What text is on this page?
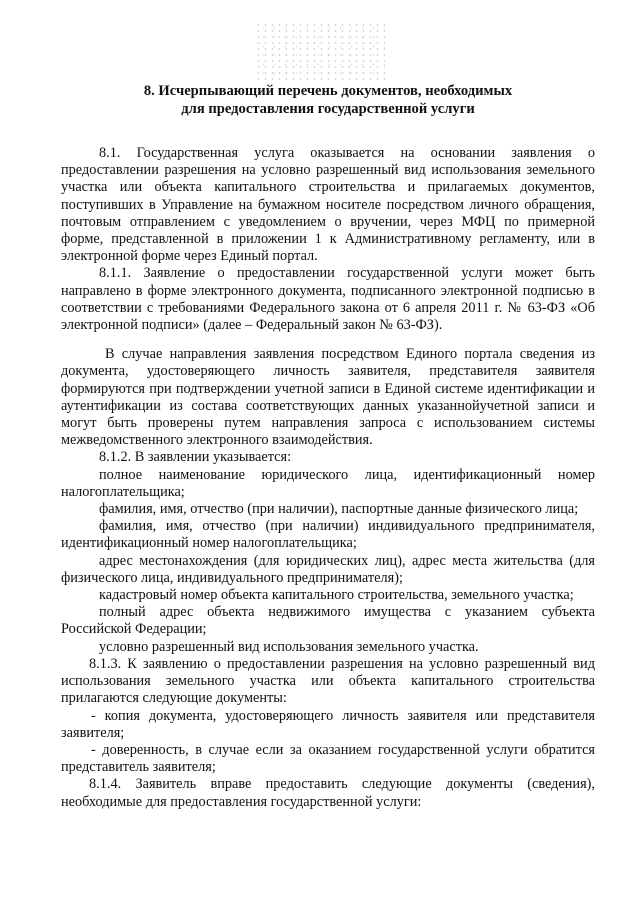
8. Исчерпывающий перечень документов, необходимых
для предоставления государственной услуги

8.1. Государственная услуга оказывается на основании заявления о предоставлении разрешения на условно разрешенный вид использования земельного участка или объекта капитального строительства и прилагаемых документов, поступивших в Управление на бумажном носителе посредством личного обращения, почтовым отправлением с уведомлением о вручении, через МФЦ по примерной форме, представленной в приложении 1 к Административному регламенту, или в электронной форме через Единый портал.

8.1.1. Заявление о предоставлении государственной услуги может быть направлено в форме электронного документа, подписанного электронной подписью в соответствии с требованиями Федерального закона от 6 апреля 2011 г. № 63-ФЗ «Об электронной подписи» (далее – Федеральный закон № 63-ФЗ).

В случае направления заявления посредством Единого портала сведения из документа, удостоверяющего личность заявителя, представителя заявителя формируются при подтверждении учетной записи в Единой системе идентификации и аутентификации из состава соответствующих данных указаннойучетной записи и могут быть проверены путем направления запроса с использованием системы межведомственного электронного взаимодействия.

8.1.2. В заявлении указывается:

полное наименование юридического лица, идентификационный номер налогоплательщика;

фамилия, имя, отчество (при наличии), паспортные данные физического лица;

фамилия, имя, отчество (при наличии) индивидуального предпринимателя, идентификационный номер налогоплательщика;

адрес местонахождения (для юридических лиц), адрес места жительства (для физического лица, индивидуального предпринимателя);

кадастровый номер объекта капитального строительства, земельного участка;

полный адрес объекта недвижимого имущества с указанием субъекта Российской Федерации;

условно разрешенный вид использования земельного участка.

8.1.3. К заявлению о предоставлении разрешения на условно разрешенный вид использования земельного участка или объекта капитального строительства прилагаются следующие документы:

- копия документа, удостоверяющего личность заявителя или представителя заявителя;

- доверенность, в случае если за оказанием государственной услуги обратится представитель заявителя;

8.1.4. Заявитель вправе предоставить следующие документы (сведения), необходимые для предоставления государственной услуги:
